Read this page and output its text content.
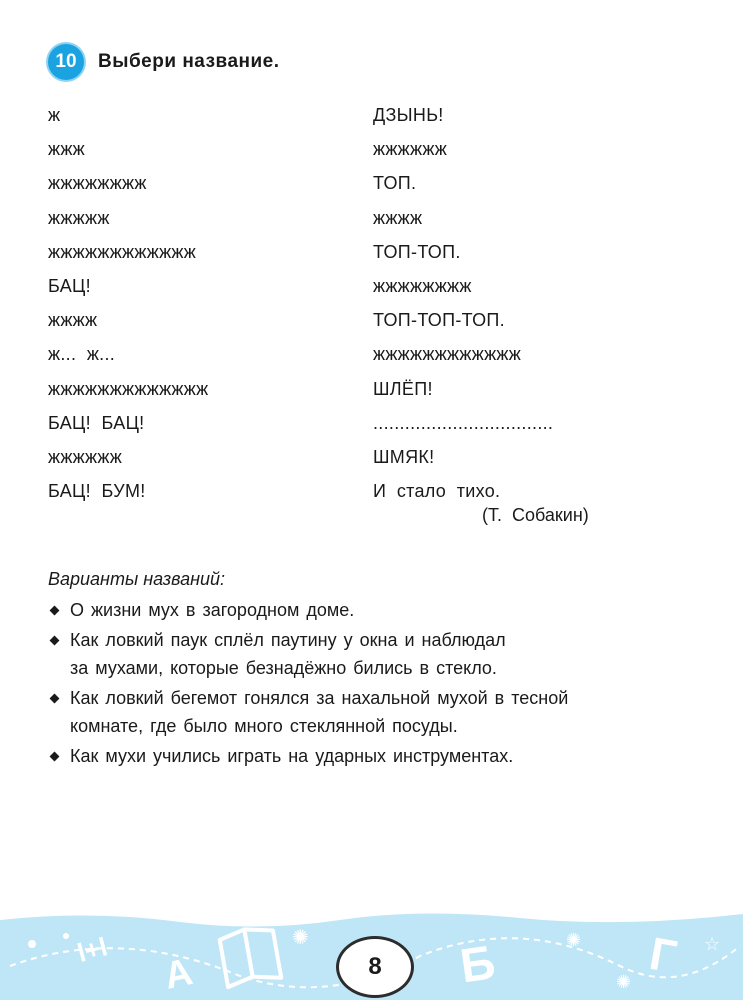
10	Выбери название.
ж
жжж
жжжжжжжж
жжжжж
жжжжжжжжжжжж
БАЦ!
жжжж
ж...  ж...
жжжжжжжжжжжжж
БАЦ!  БАЦ!
жжжжжж
БАЦ!  БУМ!
ДЗЫНЬ!
жжжжжж
ТОП.
жжжж
ТОП-ТОП.
жжжжжжжж
ТОП-ТОП-ТОП.
жжжжжжжжжжжж
ШЛЁП!
..................................
ШМЯК!
И  стало  тихо.
(Т.  Собакин)
Варианты названий:
О жизни мух в загородном доме.
Как ловкий паук сплёл паутину у окна и наблюдал
за мухами, которые безнадёжно бились в стекло.
Как ловкий бегемот гонялся за нахальной мухой в тесной
комнате, где было много стеклянной посуды.
Как мухи учились играть на ударных инструментах.
l+l
А
✺	Б	✺
✺ Г ☆
8
